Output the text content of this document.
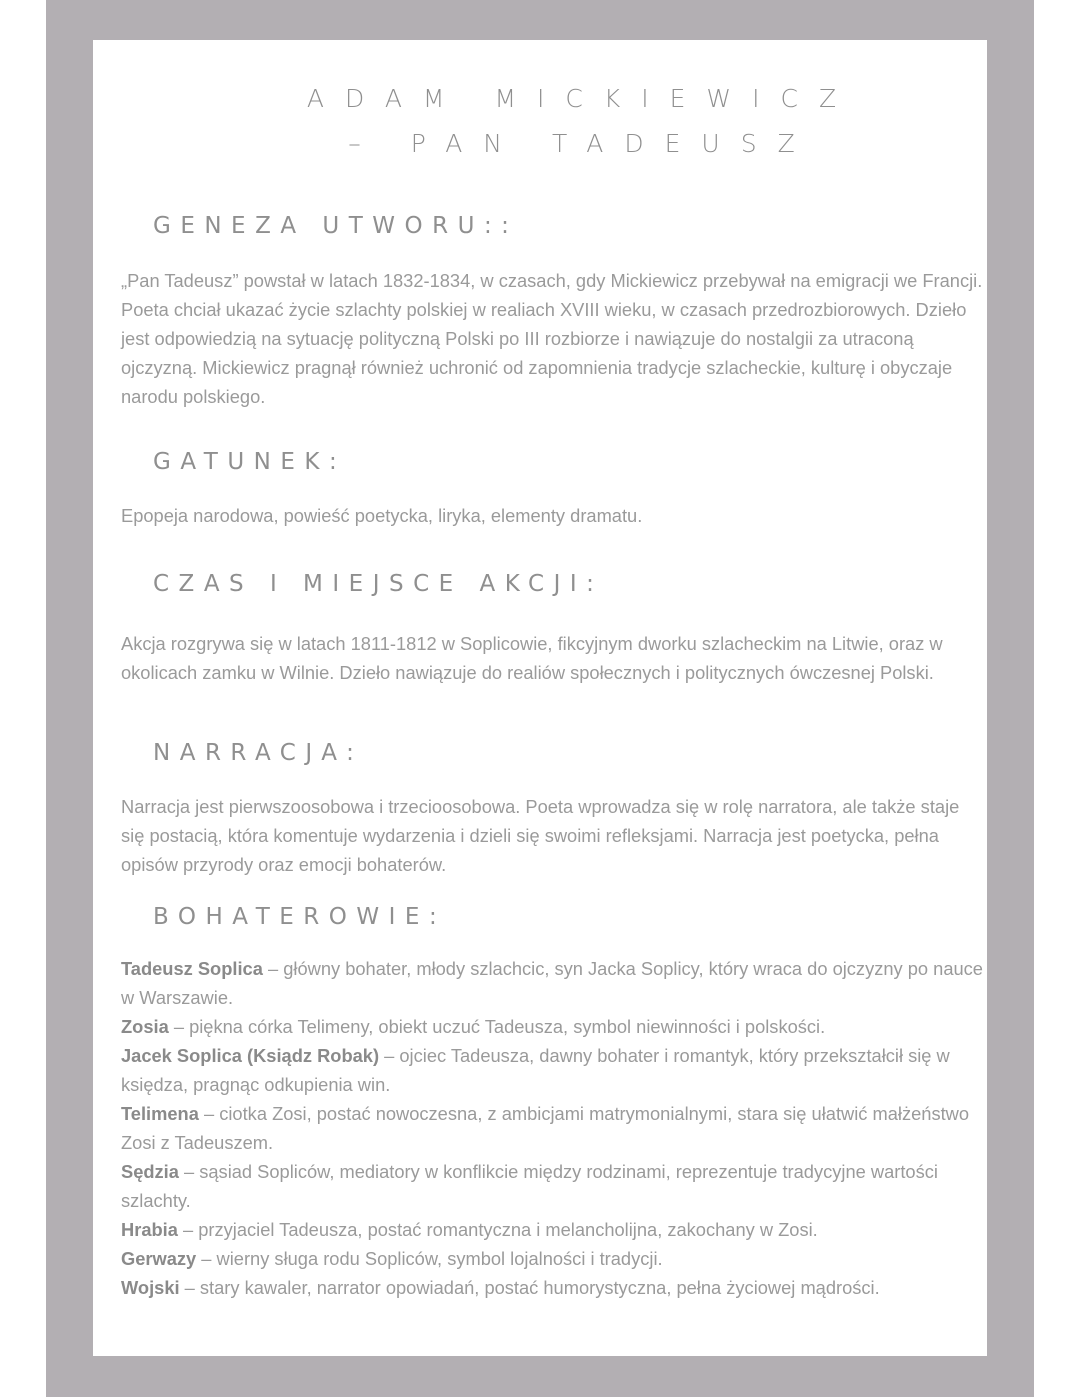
ADAM MICKIEWICZ
– PAN TADEUSZ
GENEZA UTWORU::

„Pan Tadeusz” powstał w latach 1832-1834, w czasach, gdy Mickiewicz przebywał na emigracji we Francji. Poeta chciał ukazać życie szlachty polskiej w realiach XVIII wieku, w czasach przedrozbiorowych. Dzieło jest odpowiedzią na sytuację polityczną Polski po III rozbiorze i nawiązuje do nostalgii za utraconą ojczyzną. Mickiewicz pragnął również uchronić od zapomnienia tradycje szlacheckie, kulturę i obyczaje narodu polskiego.

GATUNEK:

Epopeja narodowa, powieść poetycka, liryka, elementy dramatu.

CZAS I MIEJSCE AKCJI:

Akcja rozgrywa się w latach 1811-1812 w Soplicowie, fikcyjnym dworku szlacheckim na Litwie, oraz w okolicach zamku w Wilnie. Dzieło nawiązuje do realiów społecznych i politycznych ówczesnej Polski.

NARRACJA:

Narracja jest pierwszoosobowa i trzecioosobowa. Poeta wprowadza się w rolę narratora, ale także staje się postacią, która komentuje wydarzenia i dzieli się swoimi refleksjami. Narracja jest poetycka, pełna opisów przyrody oraz emocji bohaterów.

BOHATEROWIE:
Tadeusz Soplica – główny bohater, młody szlachcic, syn Jacka Soplicy, który wraca do ojczyzny po nauce w Warszawie.
Zosia – piękna córka Telimeny, obiekt uczuć Tadeusza, symbol niewinności i polskości.
Jacek Soplica (Ksiądz Robak) – ojciec Tadeusza, dawny bohater i romantyk, który przekształcił się w księdza, pragnąc odkupienia win.
Telimena – ciotka Zosi, postać nowoczesna, z ambicjami matrymonialnymi, stara się ułatwić małżeństwo Zosi z Tadeuszem.
Sędzia – sąsiad Sopliców, mediatory w konflikcie między rodzinami, reprezentuje tradycyjne wartości szlachty.
Hrabia – przyjaciel Tadeusza, postać romantyczna i melancholijna, zakochany w Zosi.
Gerwazy – wierny sługa rodu Sopliców, symbol lojalności i tradycji.
Wojski – stary kawaler, narrator opowiadań, postać humorystyczna, pełna życiowej mądrości.
